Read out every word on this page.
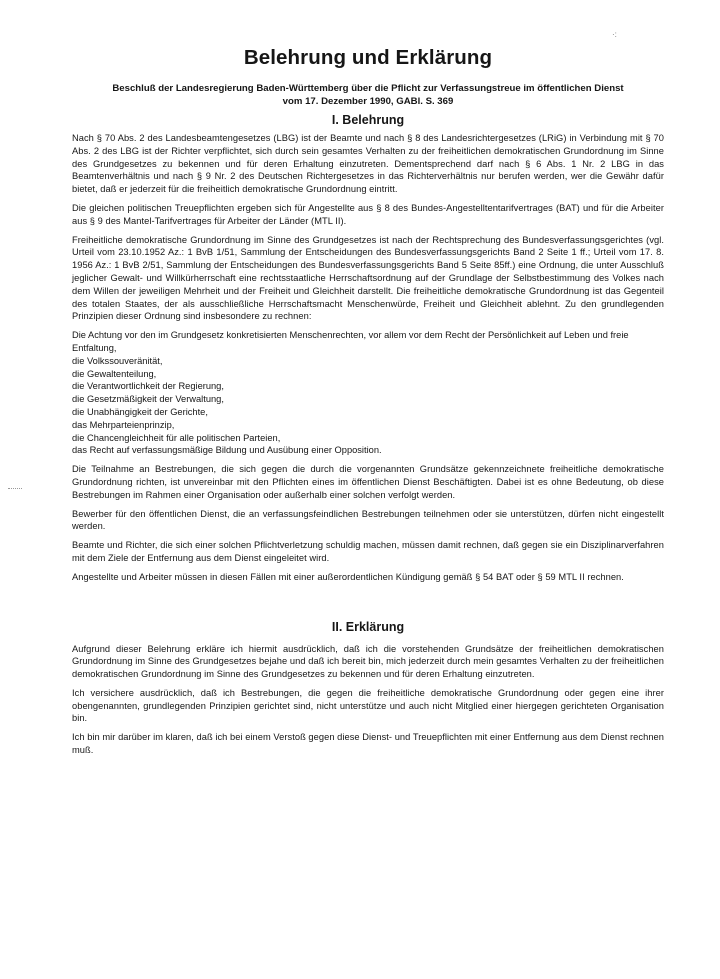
·:
Belehrung und Erklärung
Beschluß der Landesregierung Baden-Württemberg über die Pflicht zur Verfassungstreue im öffentlichen Dienst
vom 17. Dezember 1990, GABl. S. 369
I. Belehrung

Nach § 70 Abs. 2 des Landesbeamtengesetzes (LBG) ist der Beamte und nach § 8 des Landesrichtergesetzes (LRiG) in Verbindung mit § 70 Abs. 2 des LBG ist der Richter verpflichtet, sich durch sein gesamtes Verhalten zu der freiheitlichen demokratischen Grundordnung im Sinne des Grundgesetzes zu bekennen und für deren Erhaltung einzutreten. Dementsprechend darf nach § 6 Abs. 1 Nr. 2 LBG in das Beamtenverhältnis und nach § 9 Nr. 2 des Deutschen Richtergesetzes in das Richterverhältnis nur berufen werden, wer die Gewähr dafür bietet, daß er jederzeit für die freiheitlich demokratische Grundordnung eintritt.

Die gleichen politischen Treuepflichten ergeben sich für Angestellte aus § 8 des Bundes-Angestelltentarifvertrages (BAT) und für die Arbeiter aus § 9 des Mantel-Tarifvertrages für Arbeiter der Länder (MTL II).

Freiheitliche demokratische Grundordnung im Sinne des Grundgesetzes ist nach der Rechtsprechung des Bundesverfassungsgerichtes (vgl. Urteil vom 23.10.1952 Az.: 1 BvB 1/51, Sammlung der Entscheidungen des Bundesverfassungsgerichts Band 2 Seite 1 ff.; Urteil vom 17. 8. 1956 Az.: 1 BvB 2/51, Sammlung der Entscheidungen des Bundesverfassungsgerichts Band 5 Seite 85ff.) eine Ordnung, die unter Ausschluß jeglicher Gewalt- und Willkürherrschaft eine rechtsstaatliche Herrschaftsordnung auf der Grundlage der Selbstbestimmung des Volkes nach dem Willen der jeweiligen Mehrheit und der Freiheit und Gleichheit darstellt. Die freiheitliche demokratische Grundordnung ist das Gegenteil des totalen Staates, der als ausschließliche Herrschaftsmacht Menschenwürde, Freiheit und Gleichheit ablehnt. Zu den grundlegenden Prinzipien dieser Ordnung sind insbesondere zu rechnen:

Die Achtung vor den im Grundgesetz konkretisierten Menschenrechten, vor allem vor dem Recht der Persönlichkeit auf Leben und freie Entfaltung,
die Volkssouveränität,
die Gewaltenteilung,
die Verantwortlichkeit der Regierung,
die Gesetzmäßigkeit der Verwaltung,
die Unabhängigkeit der Gerichte,
das Mehrparteienprinzip,
die Chancengleichheit für alle politischen Parteien,
das Recht auf verfassungsmäßige Bildung und Ausübung einer Opposition.

Die Teilnahme an Bestrebungen, die sich gegen die durch die vorgenannten Grundsätze gekennzeichnete freiheitliche demokratische Grundordnung richten, ist unvereinbar mit den Pflichten eines im öffentlichen Dienst Beschäftigten. Dabei ist es ohne Bedeutung, ob diese Bestrebungen im Rahmen einer Organisation oder außerhalb einer solchen verfolgt werden.

Bewerber für den öffentlichen Dienst, die an verfassungsfeindlichen Bestrebungen teilnehmen oder sie unterstützen, dürfen nicht eingestellt werden.

Beamte und Richter, die sich einer solchen Pflichtverletzung schuldig machen, müssen damit rechnen, daß gegen sie ein Disziplinarverfahren mit dem Ziele der Entfernung aus dem Dienst eingeleitet wird.

Angestellte und Arbeiter müssen in diesen Fällen mit einer außerordentlichen Kündigung gemäß § 54 BAT oder § 59 MTL II rechnen.

II. Erklärung

Aufgrund dieser Belehrung erkläre ich hiermit ausdrücklich, daß ich die vorstehenden Grundsätze der freiheitlichen demokratischen Grundordnung im Sinne des Grundgesetzes bejahe und daß ich bereit bin, mich jederzeit durch mein gesamtes Verhalten zu der freiheitlichen demokratischen Grundordnung im Sinne des Grundgesetzes zu bekennen und für deren Erhaltung einzutreten.

Ich versichere ausdrücklich, daß ich Bestrebungen, die gegen die freiheitliche demokratische Grundordnung oder gegen eine ihrer obengenannten, grundlegenden Prinzipien gerichtet sind, nicht unterstütze und auch nicht Mitglied einer hiergegen gerichteten Organisation bin.

Ich bin mir darüber im klaren, daß ich bei einem Verstoß gegen diese Dienst- und Treuepflichten mit einer Entfernung aus dem Dienst rechnen muß.
